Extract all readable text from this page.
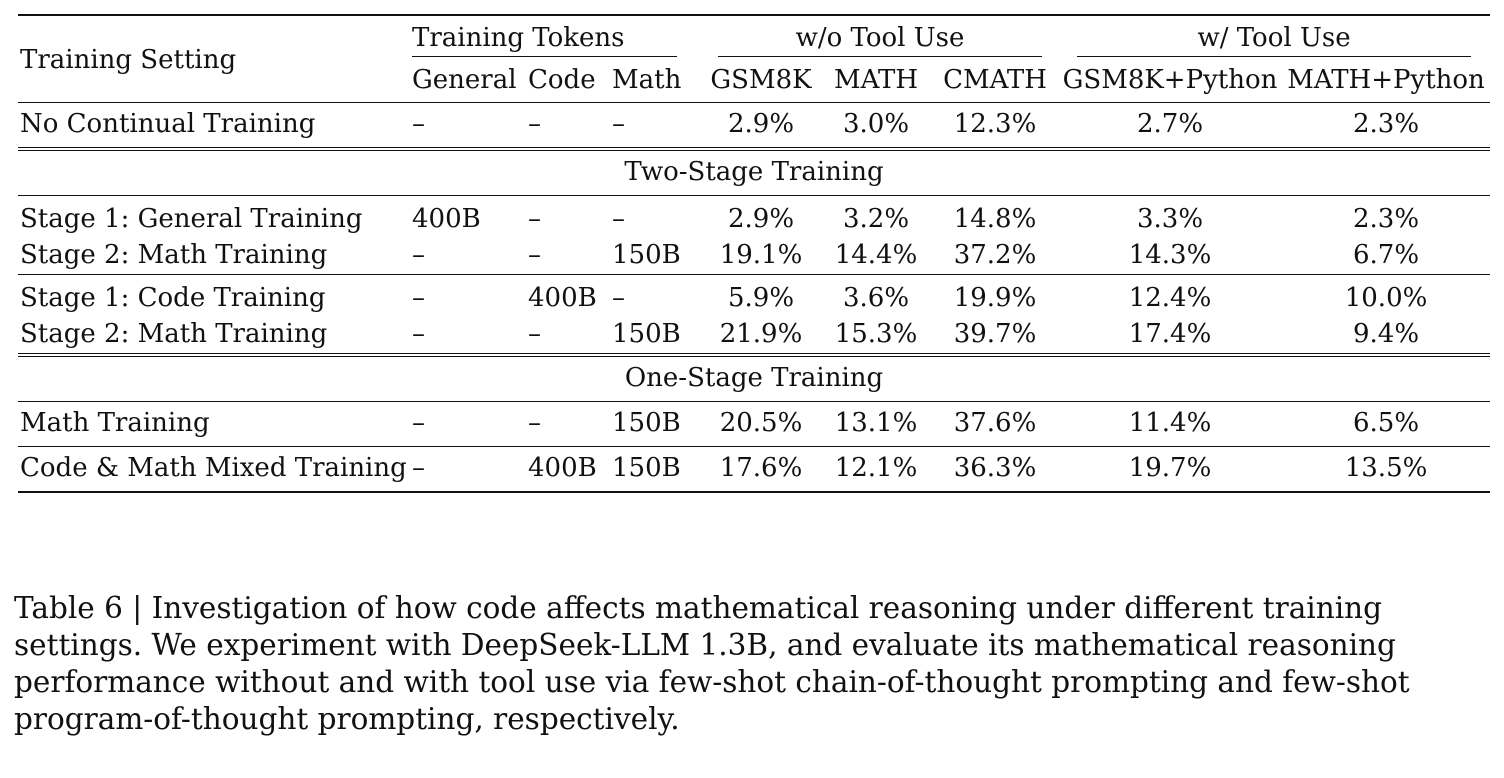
Training Setting	Training Tokens			w/o Tool Use			w/ Tool Use	
	General	Code	Math	GSM8K	MATH	CMATH	GSM8K+Python	MATH+Python
No Continual Training	–	–	–	2.9%	3.0%	12.3%	2.7%	2.3%
Two-Stage Training								
Stage 1: General Training	400B	–	–	2.9%	3.2%	14.8%	3.3%	2.3%
Stage 2: Math Training	–	–	150B	19.1%	14.4%	37.2%	14.3%	6.7%
Stage 1: Code Training	–	400B	–	5.9%	3.6%	19.9%	12.4%	10.0%
Stage 2: Math Training	–	–	150B	21.9%	15.3%	39.7%	17.4%	9.4%
One-Stage Training								
Math Training	–	–	150B	20.5%	13.1%	37.6%	11.4%	6.5%
Code & Math Mixed Training	–	400B	150B	17.6%	12.1%	36.3%	19.7%	13.5%
Table 6 | Investigation of how code affects mathematical reasoning under different training settings. We experiment with DeepSeek-LLM 1.3B, and evaluate its mathematical reasoning performance without and with tool use via few-shot chain-of-thought prompting and few-shot program-of-thought prompting, respectively.
